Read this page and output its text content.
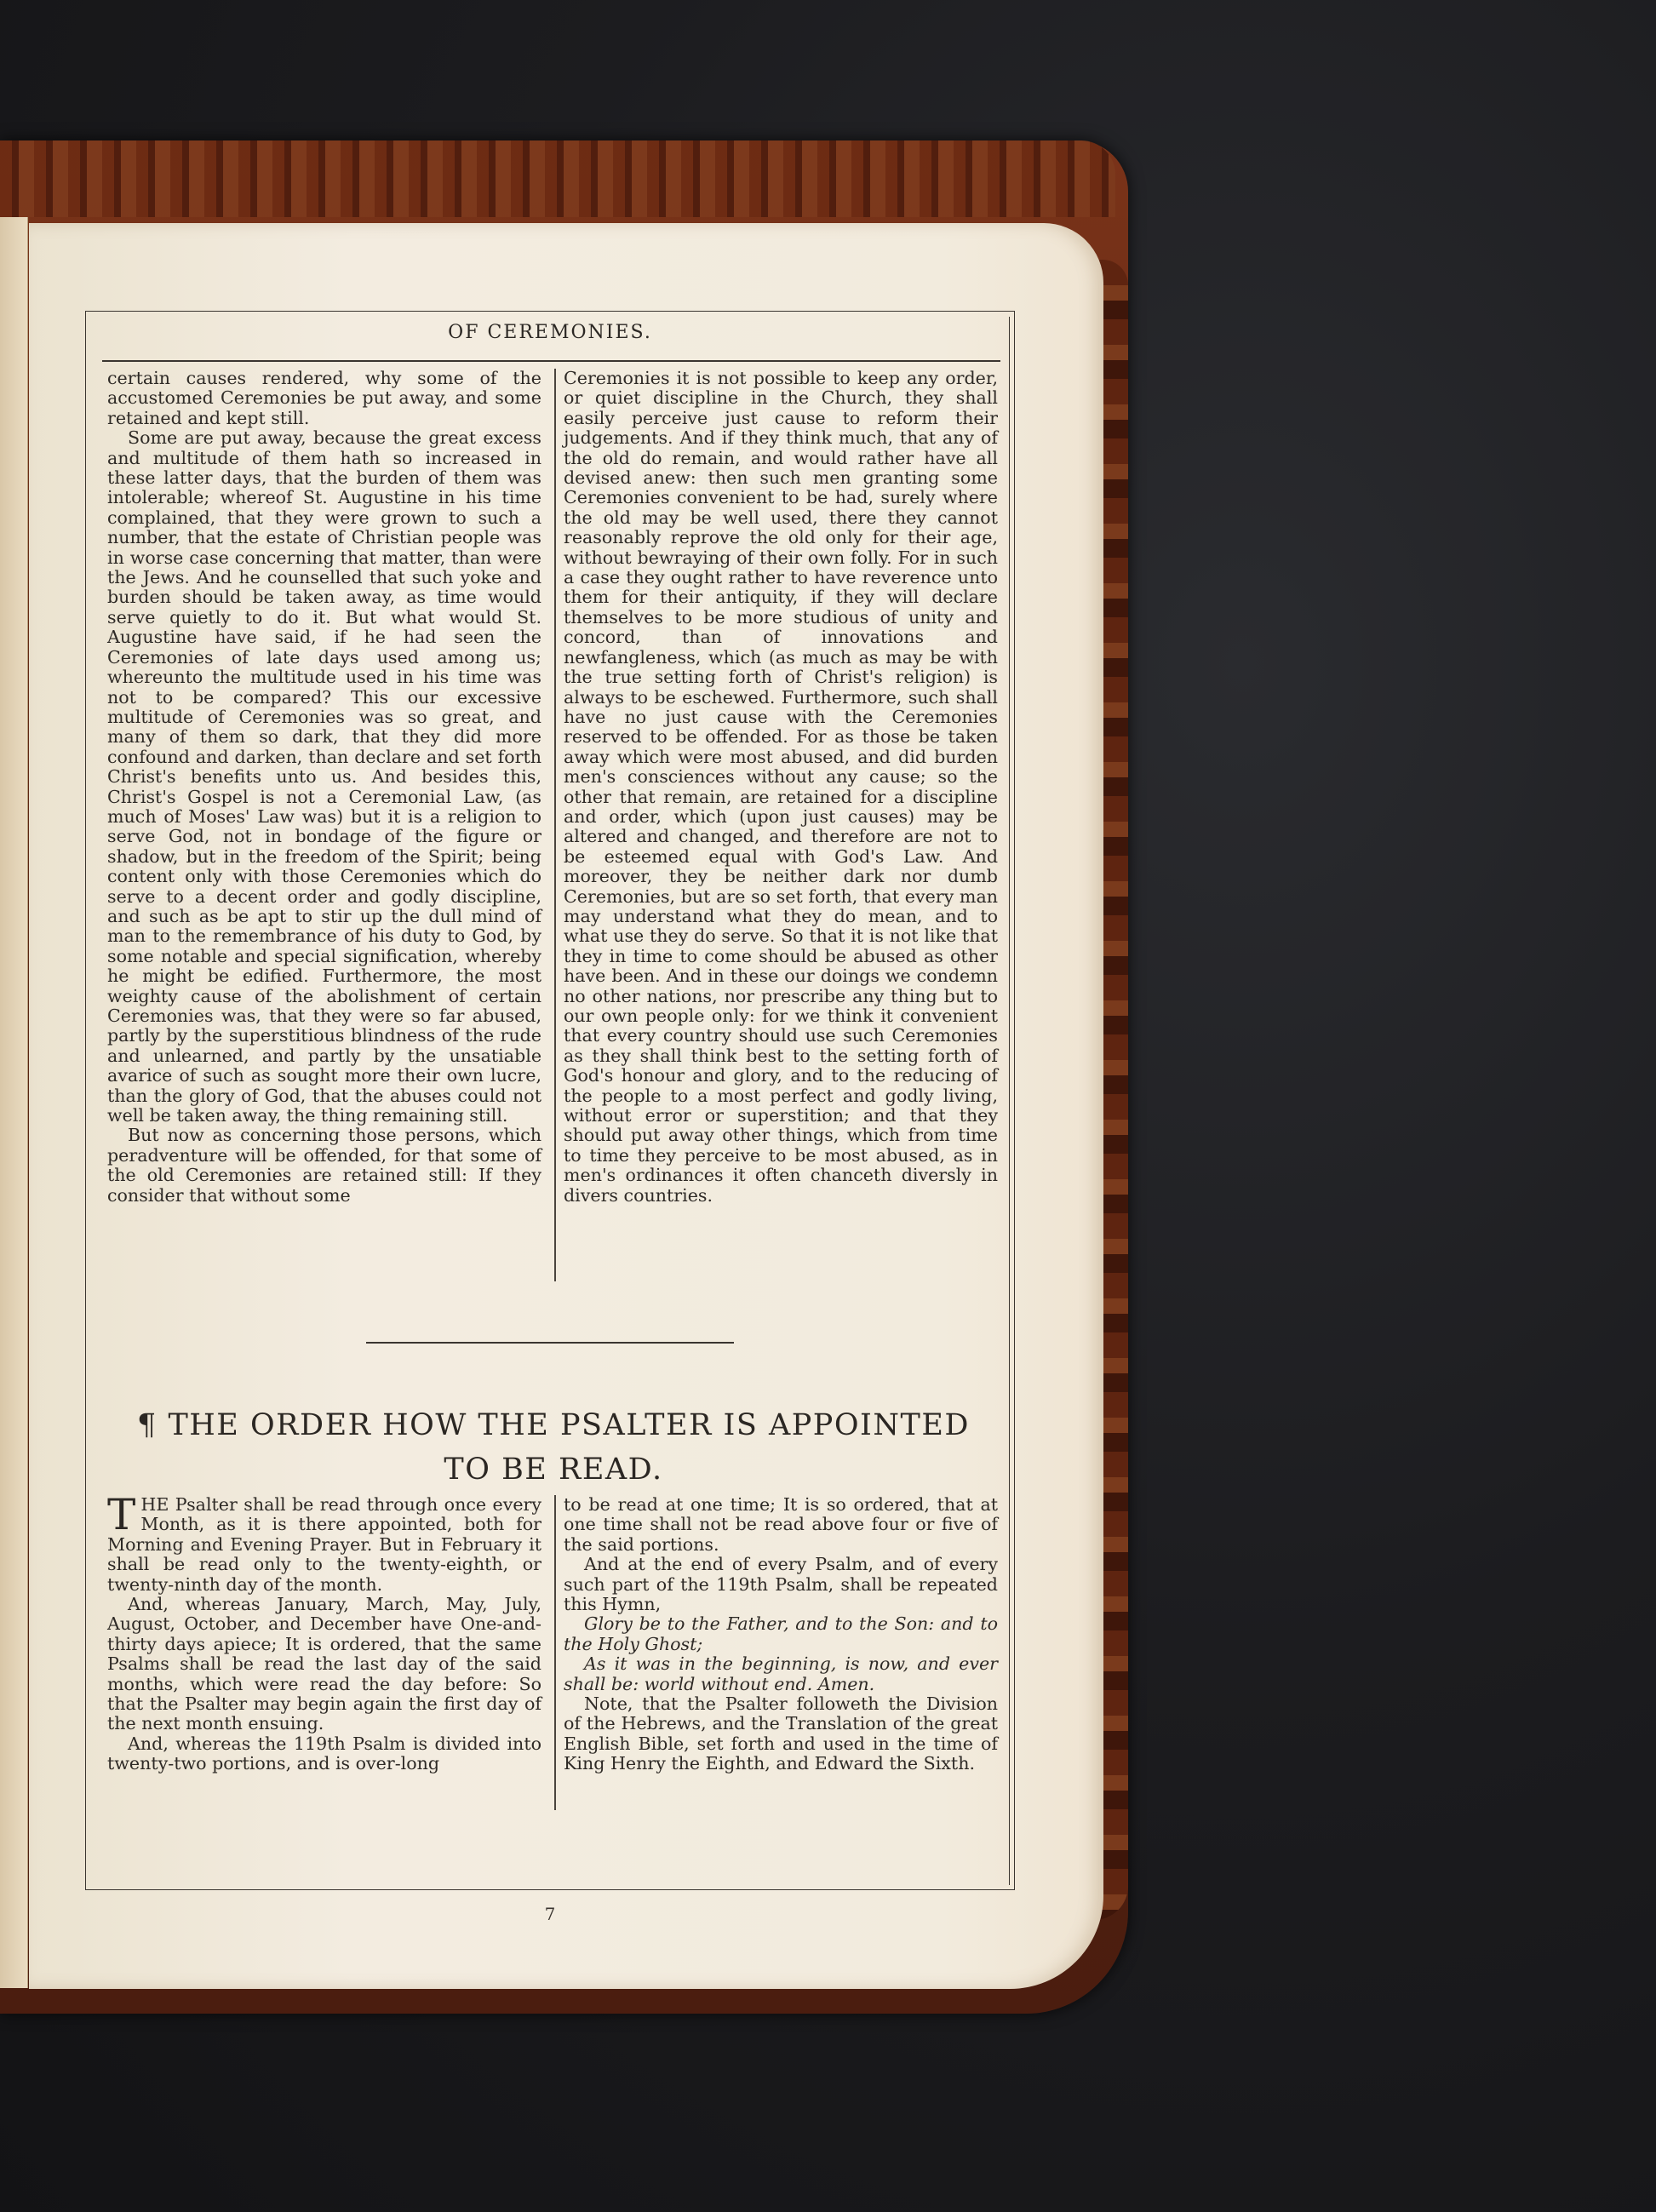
OF CEREMONIES.

certain causes rendered, why some of the accustomed Ceremonies be put away, and some retained and kept still.

Some are put away, because the great excess and multitude of them hath so increased in these latter days, that the burden of them was intolerable; whereof St. Augustine in his time complained, that they were grown to such a number, that the estate of Christian people was in worse case concerning that matter, than were the Jews. And he counselled that such yoke and burden should be taken away, as time would serve quietly to do it. But what would St. Augustine have said, if he had seen the Ceremonies of late days used among us; whereunto the multitude used in his time was not to be compared? This our excessive multitude of Ceremonies was so great, and many of them so dark, that they did more confound and darken, than declare and set forth Christ's benefits unto us. And besides this, Christ's Gospel is not a Ceremonial Law, (as much of Moses' Law was) but it is a religion to serve God, not in bondage of the figure or shadow, but in the freedom of the Spirit; being content only with those Ceremonies which do serve to a decent order and godly discipline, and such as be apt to stir up the dull mind of man to the remembrance of his duty to God, by some notable and special signification, whereby he might be edified. Furthermore, the most weighty cause of the abolishment of certain Ceremonies was, that they were so far abused, partly by the superstitious blindness of the rude and unlearned, and partly by the unsatiable avarice of such as sought more their own lucre, than the glory of God, that the abuses could not well be taken away, the thing remaining still.

But now as concerning those persons, which peradventure will be offended, for that some of the old Ceremonies are retained still: If they consider that without some

Ceremonies it is not possible to keep any order, or quiet discipline in the Church, they shall easily perceive just cause to reform their judgements. And if they think much, that any of the old do remain, and would rather have all devised anew: then such men granting some Ceremonies convenient to be had, surely where the old may be well used, there they cannot reasonably reprove the old only for their age, without bewraying of their own folly. For in such a case they ought rather to have reverence unto them for their antiquity, if they will declare themselves to be more studious of unity and concord, than of innovations and newfangleness, which (as much as may be with the true setting forth of Christ's religion) is always to be eschewed. Furthermore, such shall have no just cause with the Ceremonies reserved to be offended. For as those be taken away which were most abused, and did burden men's consciences without any cause; so the other that remain, are retained for a discipline and order, which (upon just causes) may be altered and changed, and therefore are not to be esteemed equal with God's Law. And moreover, they be neither dark nor dumb Ceremonies, but are so set forth, that every man may understand what they do mean, and to what use they do serve. So that it is not like that they in time to come should be abused as other have been. And in these our doings we condemn no other nations, nor prescribe any thing but to our own people only: for we think it convenient that every country should use such Ceremonies as they shall think best to the setting forth of God's honour and glory, and to the reducing of the people to a most perfect and godly living, without error or superstition; and that they should put away other things, which from time to time they perceive to be most abused, as in men's ordinances it often chanceth diversly in divers countries.

¶ THE ORDER HOW THE PSALTER IS APPOINTED
TO BE READ.

THE Psalter shall be read through once every Month, as it is there appointed, both for Morning and Evening Prayer. But in February it shall be read only to the twenty-eighth, or twenty-ninth day of the month.

And, whereas January, March, May, July, August, October, and December have One-and-thirty days apiece; It is ordered, that the same Psalms shall be read the last day of the said months, which were read the day before: So that the Psalter may begin again the first day of the next month ensuing.

And, whereas the 119th Psalm is divided into twenty-two portions, and is over-long

to be read at one time; It is so ordered, that at one time shall not be read above four or five of the said portions.

And at the end of every Psalm, and of every such part of the 119th Psalm, shall be repeated this Hymn,

Glory be to the Father, and to the Son: and to the Holy Ghost;

As it was in the beginning, is now, and ever shall be: world without end. Amen.

Note, that the Psalter followeth the Division of the Hebrews, and the Translation of the great English Bible, set forth and used in the time of King Henry the Eighth, and Edward the Sixth.

7
